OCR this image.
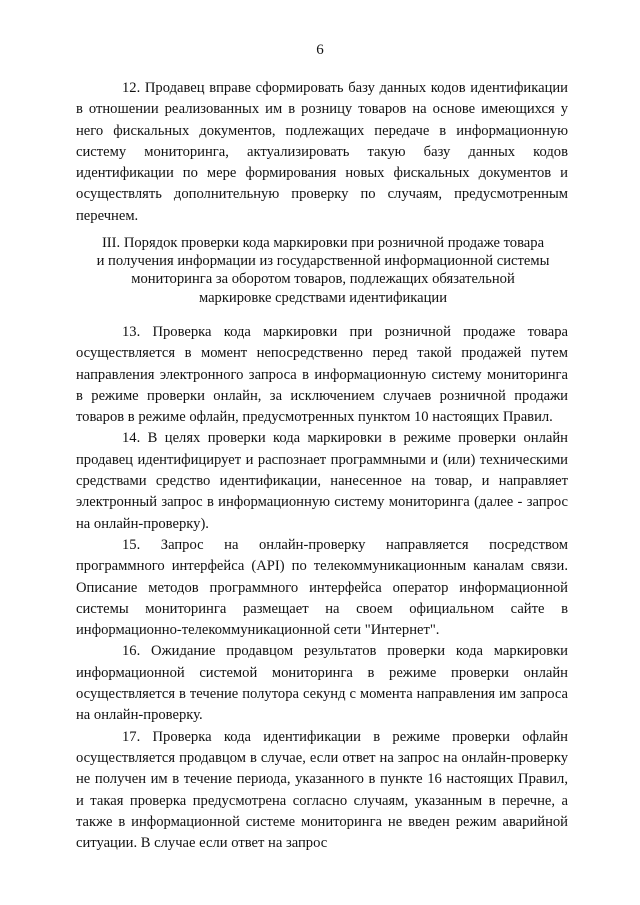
6

12. Продавец вправе сформировать базу данных кодов идентификации в отношении реализованных им в розницу товаров на основе имеющихся у него фискальных документов, подлежащих передаче в информационную систему мониторинга, актуализировать такую базу данных кодов идентификации по мере формирования новых фискальных документов и осуществлять дополнительную проверку по случаям, предусмотренным перечнем.

III. Порядок проверки кода маркировки при розничной продаже товара
и получения информации из государственной информационной системы
мониторинга за оборотом товаров, подлежащих обязательной
маркировке средствами идентификации

13. Проверка кода маркировки при розничной продаже товара осуществляется в момент непосредственно перед такой продажей путем направления электронного запроса в информационную систему мониторинга в режиме проверки онлайн, за исключением случаев розничной продажи товаров в режиме офлайн, предусмотренных пунктом 10 настоящих Правил.

14. В целях проверки кода маркировки в режиме проверки онлайн продавец идентифицирует и распознает программными и (или) техническими средствами средство идентификации, нанесенное на товар, и направляет электронный запрос в информационную систему мониторинга (далее - запрос на онлайн-проверку).

15. Запрос на онлайн-проверку направляется посредством программного интерфейса (API) по телекоммуникационным каналам связи. Описание методов программного интерфейса оператор информационной системы мониторинга размещает на своем официальном сайте в информационно-телекоммуникационной сети "Интернет".

16. Ожидание продавцом результатов проверки кода маркировки информационной системой мониторинга в режиме проверки онлайн осуществляется в течение полутора секунд с момента направления им запроса на онлайн-проверку.

17. Проверка кода идентификации в режиме проверки офлайн осуществляется продавцом в случае, если ответ на запрос на онлайн-проверку не получен им в течение периода, указанного в пункте 16 настоящих Правил, и такая проверка предусмотрена согласно случаям, указанным в перечне, а также в информационной системе мониторинга не введен режим аварийной ситуации. В случае если ответ на запрос
